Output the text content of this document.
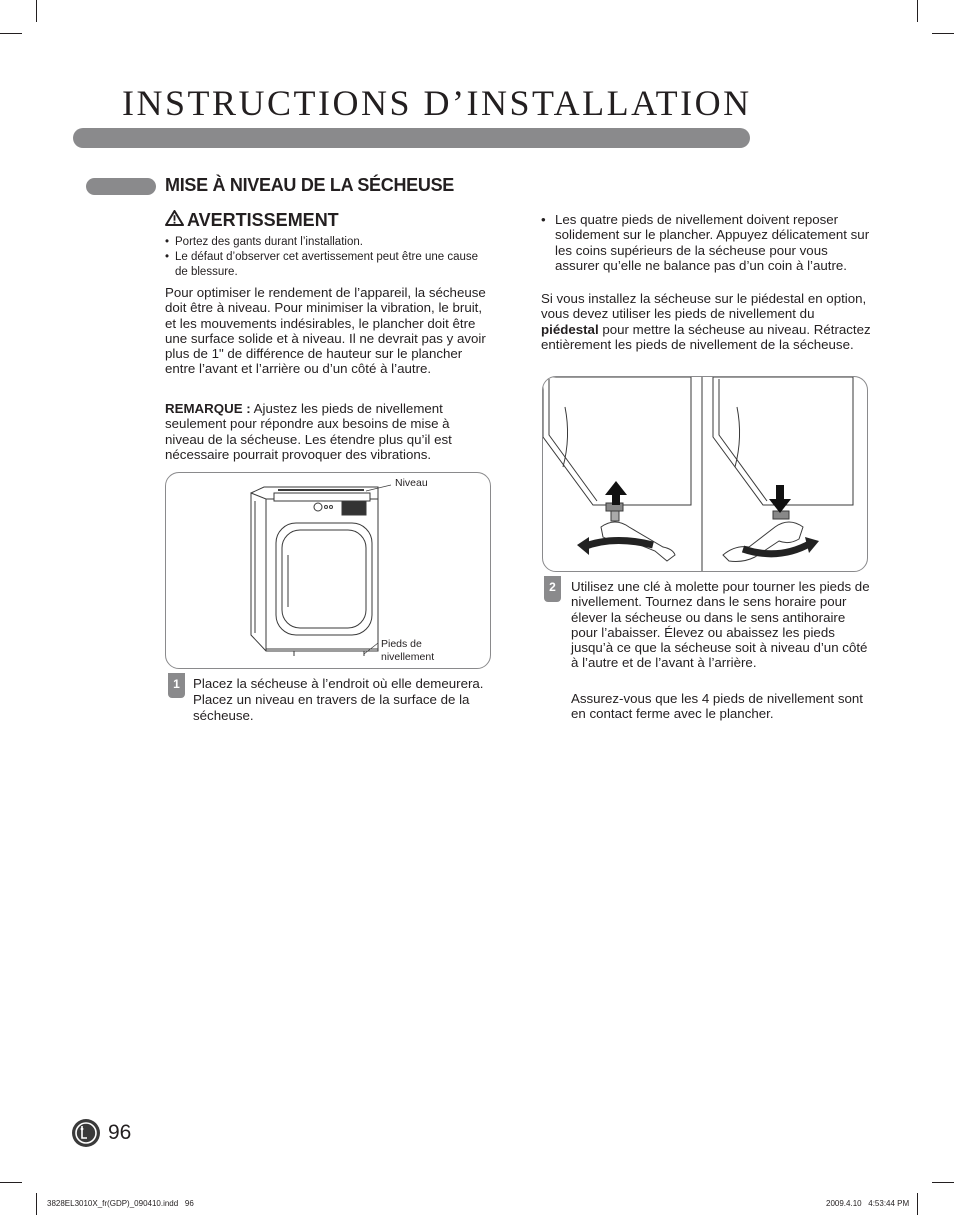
INSTRUCTIONS D’INSTALLATION
MISE À NIVEAU DE LA SÉCHEUSE
AVERTISSEMENT
• Portez des gants durant l’installation.
• Le défaut d’observer cet avertissement peut être une cause de blessure.
Pour optimiser le rendement de l’appareil, la sécheuse doit être à niveau. Pour minimiser la vibration, le bruit, et les mouvements indésirables, le plancher doit être une surface solide et à niveau. Il ne devrait pas y avoir plus de 1" de différence de hauteur sur le plancher entre l’avant et l’arrière ou d’un côté à l’autre.
REMARQUE : Ajustez les pieds de nivellement seulement pour répondre aux besoins de mise à niveau de la sécheuse. Les étendre plus qu’il est nécessaire pourrait provoquer des vibrations.
Niveau
Pieds de nivellement
1 Placez la sécheuse à l’endroit où elle demeurera. Placez un niveau en travers de la surface de la sécheuse.
• Les quatre pieds de nivellement doivent reposer solidement sur le plancher. Appuyez délicatement sur les coins supérieurs de la sécheuse pour vous assurer qu’elle ne balance pas d’un coin à l’autre.
Si vous installez la sécheuse sur le piédestal en option, vous devez utiliser les pieds de nivellement du piédestal pour mettre la sécheuse au niveau. Rétractez entièrement les pieds de nivellement de la sécheuse.
2	Utilisez une clé à molette pour tourner les pieds de nivellement. Tournez dans le sens horaire pour élever la sécheuse ou dans le sens antihoraire pour l’abaisser. Élevez ou abaissez les pieds jusqu’à ce que la sécheuse soit à niveau d’un côté à l’autre et de l’avant à l’arrière.
Assurez-vous que les 4 pieds de nivellement sont en contact ferme avec le plancher.
96
3828EL3010X_fr(GDP)_090410.indd   96	2009.4.10   4:53:44 PM
